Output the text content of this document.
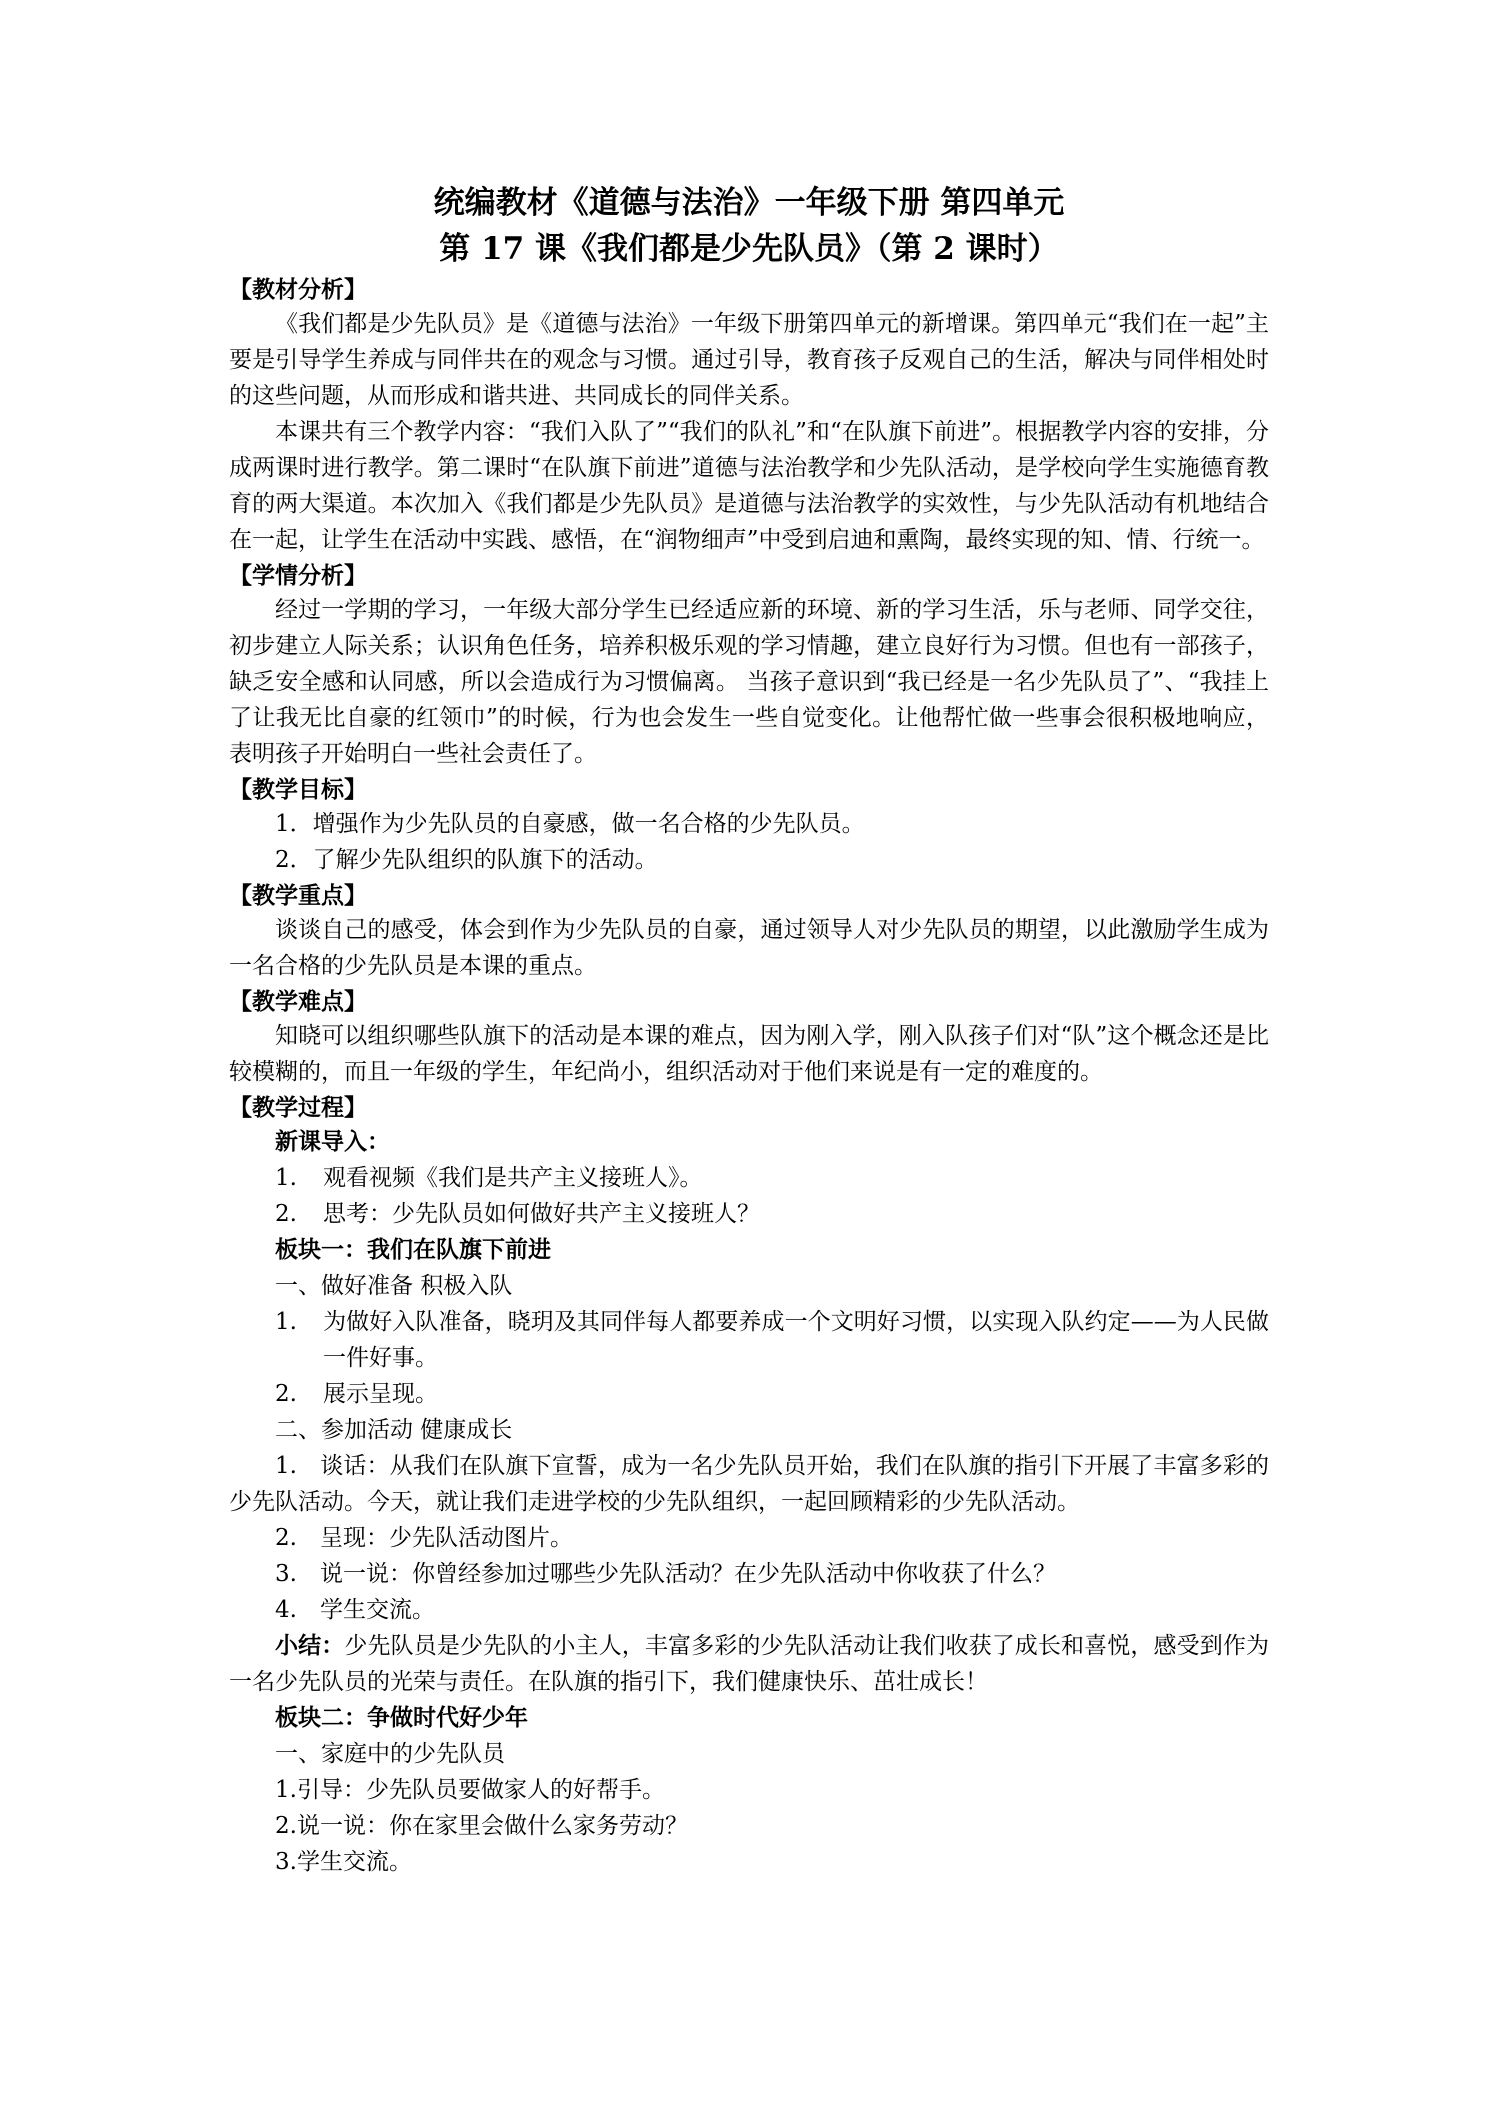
统编教材《道德与法治》一年级下册 第四单元
第 17 课《我们都是少先队员》（第 2 课时）
【教材分析】

《我们都是少先队员》是《道德与法治》一年级下册第四单元的新增课。第四单元“我们在一起”主要是引导学生养成与同伴共在的观念与习惯。通过引导，教育孩子反观自己的生活，解决与同伴相处时的这些问题，从而形成和谐共进、共同成长的同伴关系。

本课共有三个教学内容：“我们入队了”“我们的队礼”和“在队旗下前进”。根据教学内容的安排，分成两课时进行教学。第二课时“在队旗下前进”道德与法治教学和少先队活动，是学校向学生实施德育教育的两大渠道。本次加入《我们都是少先队员》是道德与法治教学的实效性，与少先队活动有机地结合在一起，让学生在活动中实践、感悟，在“润物细声”中受到启迪和熏陶，最终实现的知、情、行统一。

【学情分析】

经过一学期的学习，一年级大部分学生已经适应新的环境、新的学习生活，乐与老师、同学交往，初步建立人际关系；认识角色任务，培养积极乐观的学习情趣，建立良好行为习惯。但也有一部孩子，缺乏安全感和认同感，所以会造成行为习惯偏离。 当孩子意识到“我已经是一名少先队员了”、“我挂上了让我无比自豪的红领巾”的时候，行为也会发生一些自觉变化。让他帮忙做一些事会很积极地响应，表明孩子开始明白一些社会责任了。

【教学目标】

1．增强作为少先队员的自豪感，做一名合格的少先队员。

2．了解少先队组织的队旗下的活动。

【教学重点】

谈谈自己的感受，体会到作为少先队员的自豪，通过领导人对少先队员的期望，以此激励学生成为一名合格的少先队员是本课的重点。

【教学难点】

知晓可以组织哪些队旗下的活动是本课的难点，因为刚入学，刚入队孩子们对“队”这个概念还是比较模糊的，而且一年级的学生，年纪尚小，组织活动对于他们来说是有一定的难度的。

【教学过程】

新课导入：

1. 观看视频《我们是共产主义接班人》。

2. 思考：少先队员如何做好共产主义接班人？

板块一：我们在队旗下前进

一、做好准备 积极入队

1. 为做好入队准备，晓玥及其同伴每人都要养成一个文明好习惯，以实现入队约定——为人民做一件好事。

2. 展示呈现。

二、参加活动 健康成长

1.　谈话：从我们在队旗下宣誓，成为一名少先队员开始，我们在队旗的指引下开展了丰富多彩的少先队活动。今天，就让我们走进学校的少先队组织，一起回顾精彩的少先队活动。

2.　呈现：少先队活动图片。

3.　说一说：你曾经参加过哪些少先队活动？在少先队活动中你收获了什么？

4.　学生交流。

小结：少先队员是少先队的小主人，丰富多彩的少先队活动让我们收获了成长和喜悦，感受到作为一名少先队员的光荣与责任。在队旗的指引下，我们健康快乐、茁壮成长！

板块二：争做时代好少年

一、家庭中的少先队员

1.引导：少先队员要做家人的好帮手。

2.说一说：你在家里会做什么家务劳动？

3.学生交流。
